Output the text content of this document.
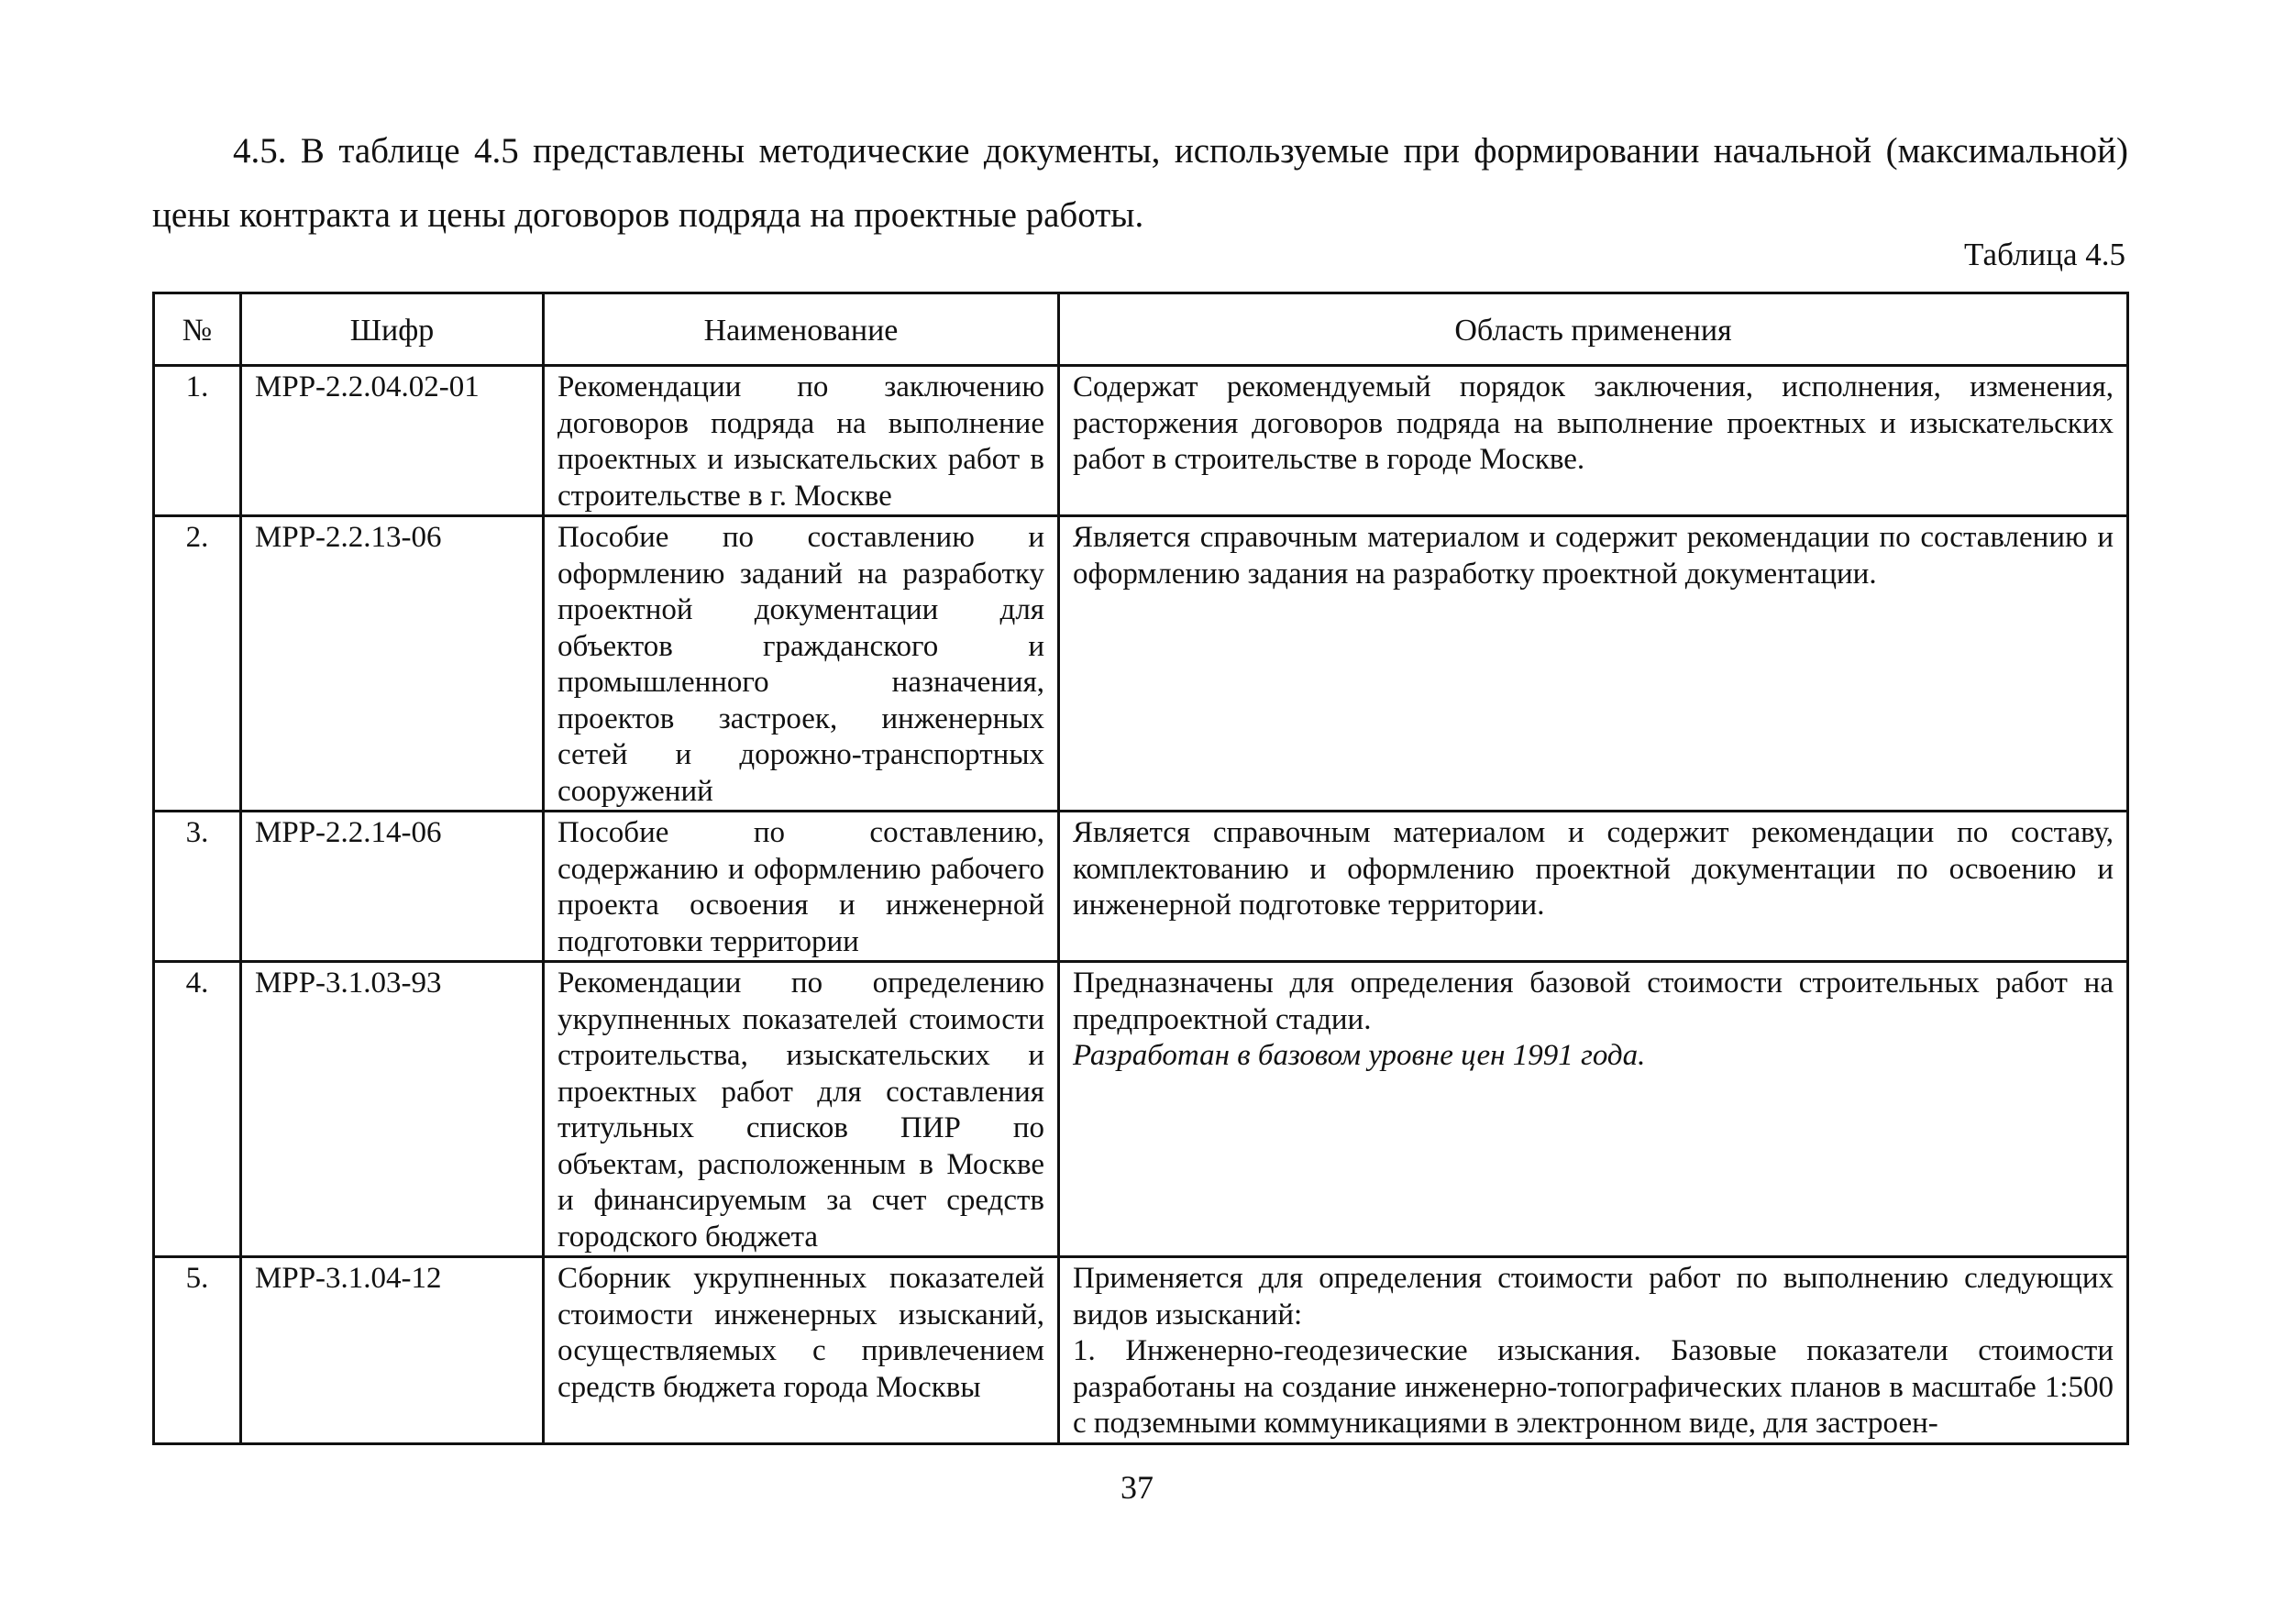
4.5. В таблице 4.5 представлены методические документы, используемые при формировании начальной (максимальной) цены контракта и цены договоров подряда на проектные работы.

Таблица 4.5
№	Шифр	Наименование	Область применения
1.	МРР-2.2.04.02-01	Рекомендации по заключению договоров подряда на выполнение проектных и изыскательских работ в строительстве в г. Москве	Содержат рекомендуемый порядок заключения, исполнения, изменения, расторжения договоров подряда на выполнение проектных и изыскательских работ в строительстве в городе Москве.
2.	МРР-2.2.13-06	Пособие по составлению и оформлению заданий на разработку проектной документации для объектов гражданского и промышленного назначения, проектов застроек, инженерных сетей и дорожно-транспортных сооружений	Является справочным материалом и содержит рекомендации по составлению и оформлению задания на разработку проектной документации.
3.	МРР-2.2.14-06	Пособие по составлению, содержанию и оформлению рабочего проекта освоения и инженерной подготовки территории	Является справочным материалом и содержит рекомендации по составу, комплектованию и оформлению проектной документации по освоению и инженерной подготовке территории.
4.	МРР-3.1.03-93	Рекомендации по определению укрупненных показателей стоимости строительства, изыскательских и проектных работ для составления титульных списков ПИР по объектам, расположенным в Москве и финансируемым за счет средств городского бюджета	Предназначены для определения базовой стоимости строительных работ на предпроектной стадии.
Разработан в базовом уровне цен 1991 года.

5.	МРР-3.1.04-12	Сборник укрупненных показателей стоимости инженерных изысканий, осуществляемых с привлечением средств бюджета города Москвы	Применяется для определения стоимости работ по выполнению следующих видов изысканий:
1. Инженерно-геодезические изыскания. Базовые показатели стоимости разработаны на создание инженерно-топографических планов в масштабе 1:500 с подземными коммуникациями в электронном виде, для застроен-
37
